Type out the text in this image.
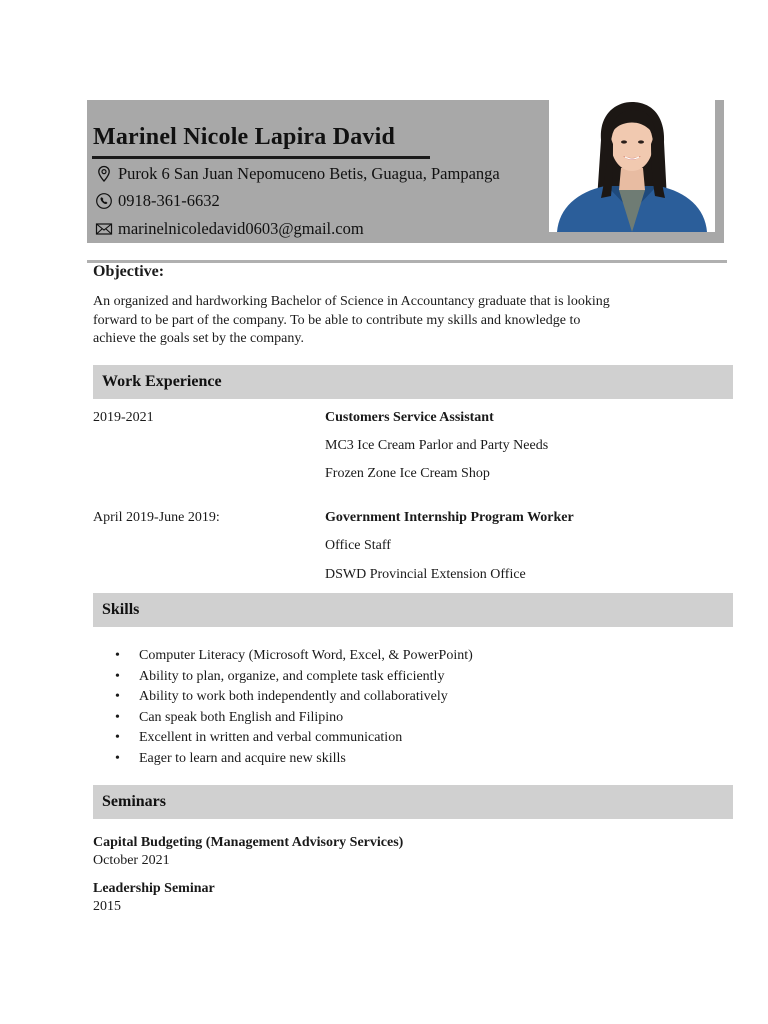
Marinel Nicole Lapira David
Purok 6 San Juan Nepomuceno Betis, Guagua, Pampanga
0918-361-6632
marinelnicoledavid0603@gmail.com
Objective:
An organized and hardworking Bachelor of Science in Accountancy graduate that is looking
forward to be part of the company. To be able to contribute my skills and knowledge to
achieve the goals set by the company.
Work Experience
2019-2021	Customers Service Assistant
MC3 Ice Cream Parlor and Party Needs
Frozen Zone Ice Cream Shop
April 2019-June 2019:	Government Internship Program Worker
Office Staff
DSWD Provincial Extension Office
Skills
• Computer Literacy (Microsoft Word, Excel, & PowerPoint)
• Ability to plan, organize, and complete task efficiently
• Ability to work both independently and collaboratively
• Can speak both English and Filipino
• Excellent in written and verbal communication
• Eager to learn and acquire new skills
Seminars
Capital Budgeting (Management Advisory Services)
October 2021
Leadership Seminar
2015
